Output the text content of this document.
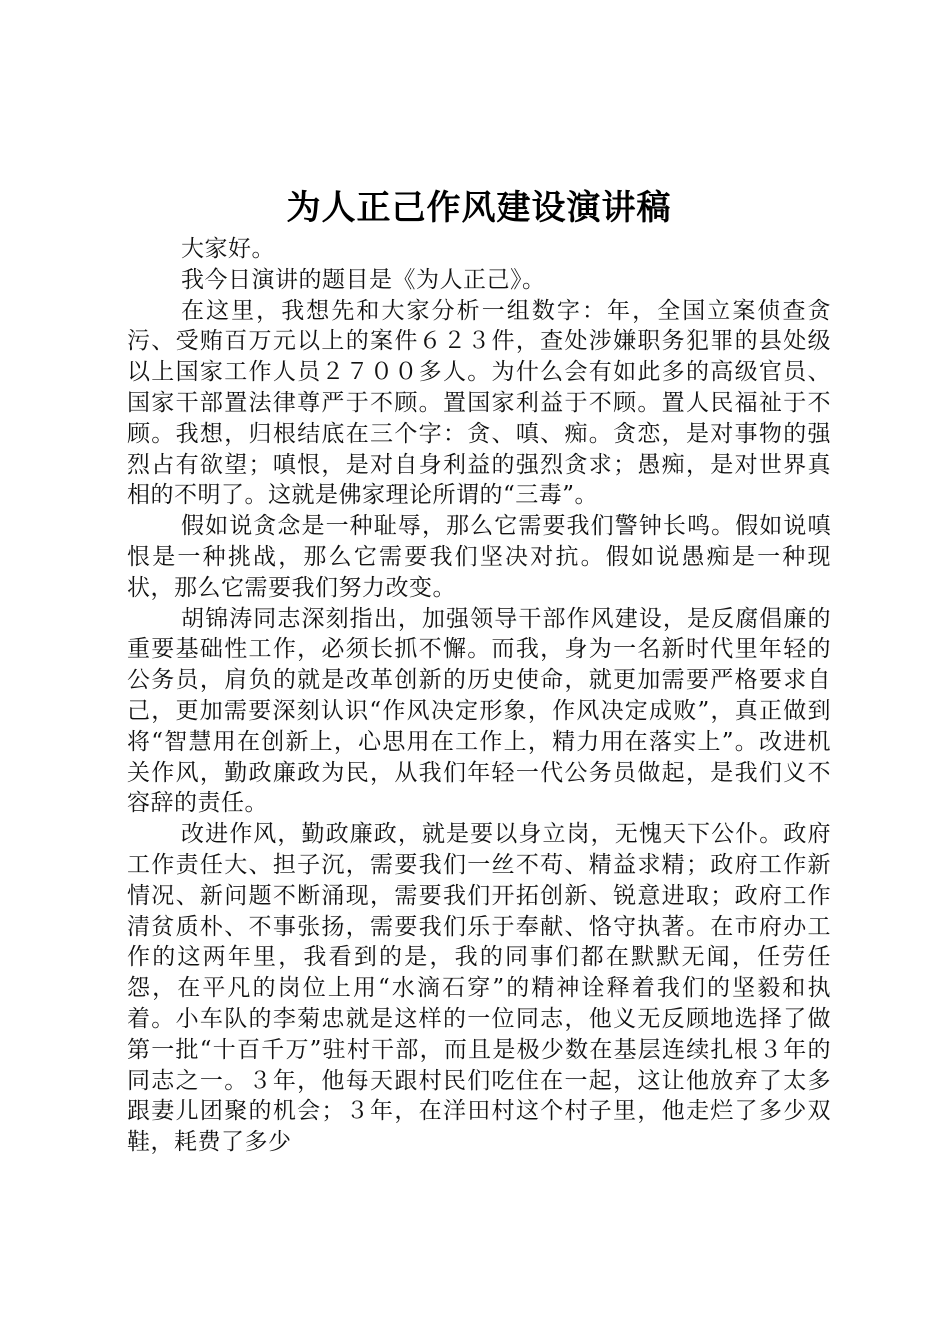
为人正己作风建设演讲稿

大家好。

我今日演讲的题目是《为人正己》。

在这里，我想先和大家分析一组数字：年，全国立案侦查贪污、受贿百万元以上的案件６２３件，查处涉嫌职务犯罪的县处级以上国家工作人员２７００多人。为什么会有如此多的高级官员、国家干部置法律尊严于不顾。置国家利益于不顾。置人民福祉于不顾。我想，归根结底在三个字：贪、嗔、痴。贪恋，是对事物的强烈占有欲望；嗔恨，是对自身利益的强烈贪求；愚痴，是对世界真相的不明了。这就是佛家理论所谓的“三毒”。

假如说贪念是一种耻辱，那么它需要我们警钟长鸣。假如说嗔恨是一种挑战，那么它需要我们坚决对抗。假如说愚痴是一种现状，那么它需要我们努力改变。

胡锦涛同志深刻指出，加强领导干部作风建设，是反腐倡廉的重要基础性工作，必须长抓不懈。而我，身为一名新时代里年轻的公务员，肩负的就是改革创新的历史使命，就更加需要严格要求自己，更加需要深刻认识“作风决定形象，作风决定成败”，真正做到将“智慧用在创新上，心思用在工作上，精力用在落实上”。改进机关作风，勤政廉政为民，从我们年轻一代公务员做起，是我们义不容辞的责任。

改进作风，勤政廉政，就是要以身立岗，无愧天下公仆。政府工作责任大、担子沉，需要我们一丝不苟、精益求精；政府工作新情况、新问题不断涌现，需要我们开拓创新、锐意进取；政府工作清贫质朴、不事张扬，需要我们乐于奉献、恪守执著。在市府办工作的这两年里，我看到的是，我的同事们都在默默无闻，任劳任怨，在平凡的岗位上用“水滴石穿”的精神诠释着我们的坚毅和执着。小车队的李菊忠就是这样的一位同志，他义无反顾地选择了做第一批“十百千万”驻村干部，而且是极少数在基层连续扎根３年的同志之一。３年，他每天跟村民们吃住在一起，这让他放弃了太多跟妻儿团聚的机会；３年，在洋田村这个村子里，他走烂了多少双鞋，耗费了多少
